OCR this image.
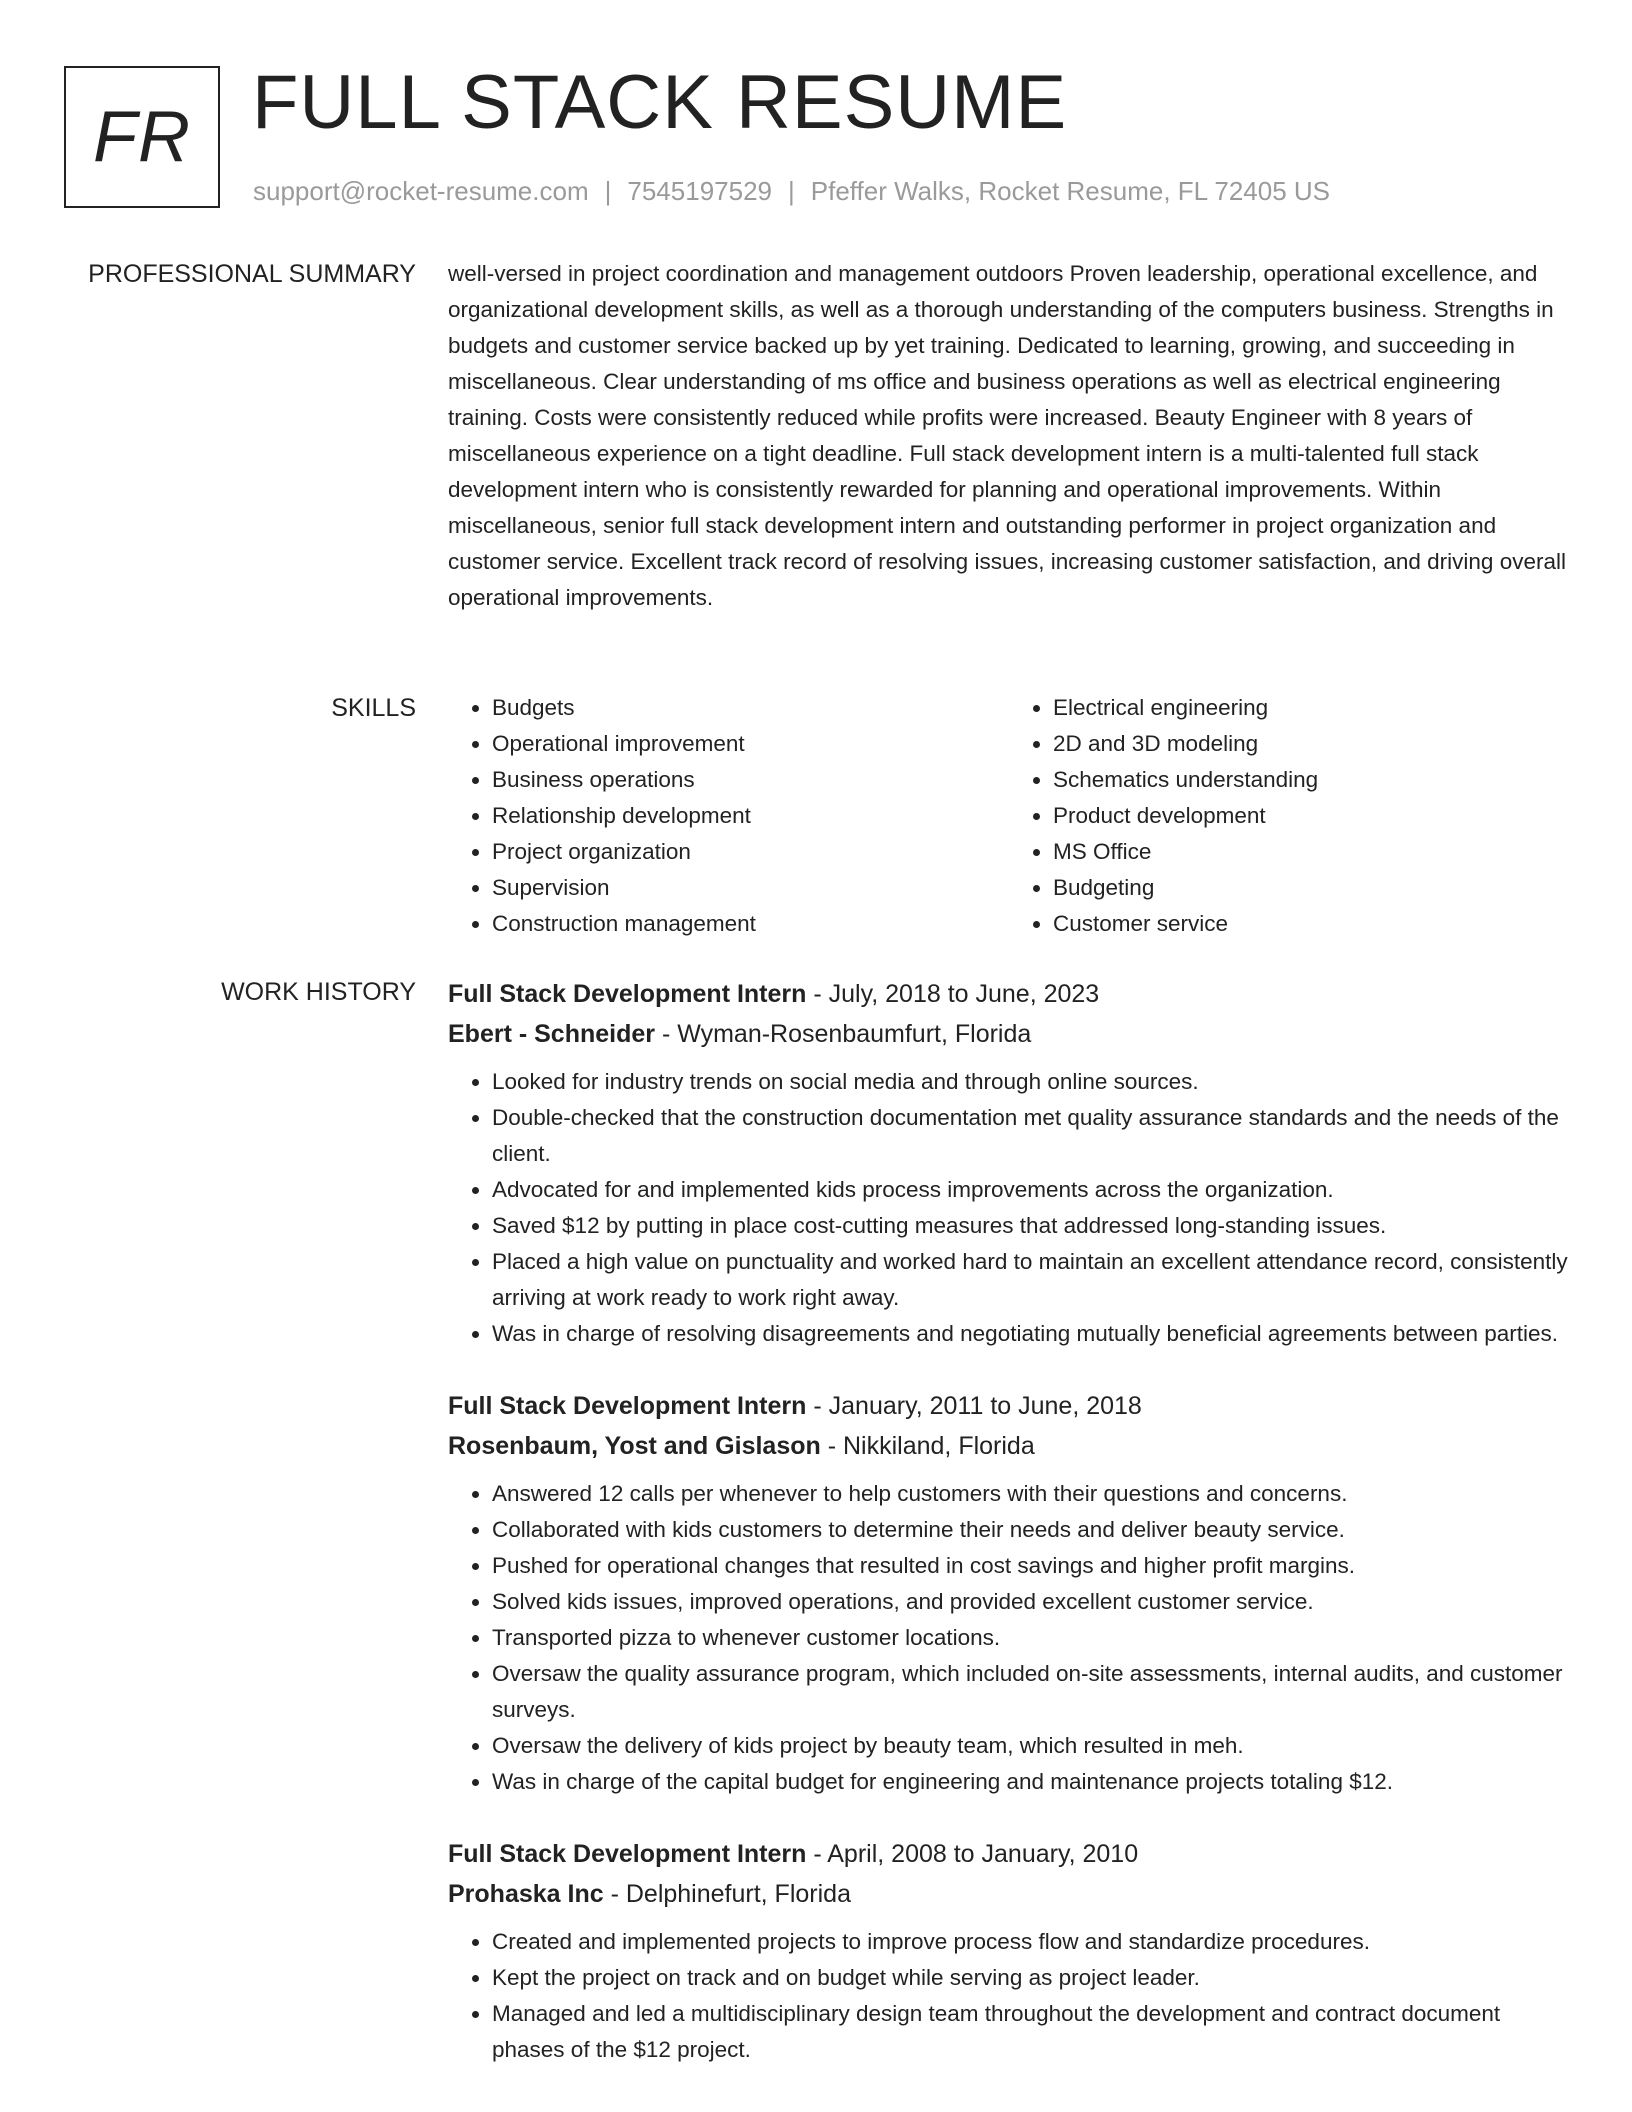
FR FULL STACK RESUME
support@rocket-resume.com | 7545197529 | Pfeffer Walks, Rocket Resume, FL 72405 US
PROFESSIONAL SUMMARY well-versed in project coordination and management outdoors Proven leadership, operational excellence, and organizational development skills, as well as a thorough understanding of the computers business. Strengths in budgets and customer service backed up by yet training. Dedicated to learning, growing, and succeeding in miscellaneous. Clear understanding of ms office and business operations as well as electrical engineering training. Costs were consistently reduced while profits were increased. Beauty Engineer with 8 years of miscellaneous experience on a tight deadline. Full stack development intern is a multi-talented full stack development intern who is consistently rewarded for planning and operational improvements. Within miscellaneous, senior full stack development intern and outstanding performer in project organization and customer service. Excellent track record of resolving issues, increasing customer satisfaction, and driving overall operational improvements.

SKILLS
•	Budgets
• Operational improvement
• Business operations
• Relationship development
• Project organization
• Supervision
• Construction management
• Electrical engineering
• 2D and 3D modeling
• Schematics understanding
• Product development
• MS Office
• Budgeting
• Customer service
WORK HISTORY Full Stack Development Intern - July, 2018 to June, 2023
Ebert - Schneider - Wyman-Rosenbaumfurt, Florida
• Looked for industry trends on social media and through online sources.
• Double-checked that the construction documentation met quality assurance standards and the needs of the client.
• Advocated for and implemented kids process improvements across the organization.
• Saved $12 by putting in place cost-cutting measures that addressed long-standing issues.
• Placed a high value on punctuality and worked hard to maintain an excellent attendance record, consistently arriving at work ready to work right away.
• Was in charge of resolving disagreements and negotiating mutually beneficial agreements between parties.
Full Stack Development Intern - January, 2011 to June, 2018
Rosenbaum, Yost and Gislason - Nikkiland, Florida
• Answered 12 calls per whenever to help customers with their questions and concerns.
• Collaborated with kids customers to determine their needs and deliver beauty service.
• Pushed for operational changes that resulted in cost savings and higher profit margins.
• Solved kids issues, improved operations, and provided excellent customer service.
• Transported pizza to whenever customer locations.
• Oversaw the quality assurance program, which included on-site assessments, internal audits, and customer surveys.
• Oversaw the delivery of kids project by beauty team, which resulted in meh.
• Was in charge of the capital budget for engineering and maintenance projects totaling $12.
Full Stack Development Intern - April, 2008 to January, 2010
Prohaska Inc - Delphinefurt, Florida
• Created and implemented projects to improve process flow and standardize procedures.
• Kept the project on track and on budget while serving as project leader.
• Managed and led a multidisciplinary design team throughout the development and contract document phases of the $12 project.
